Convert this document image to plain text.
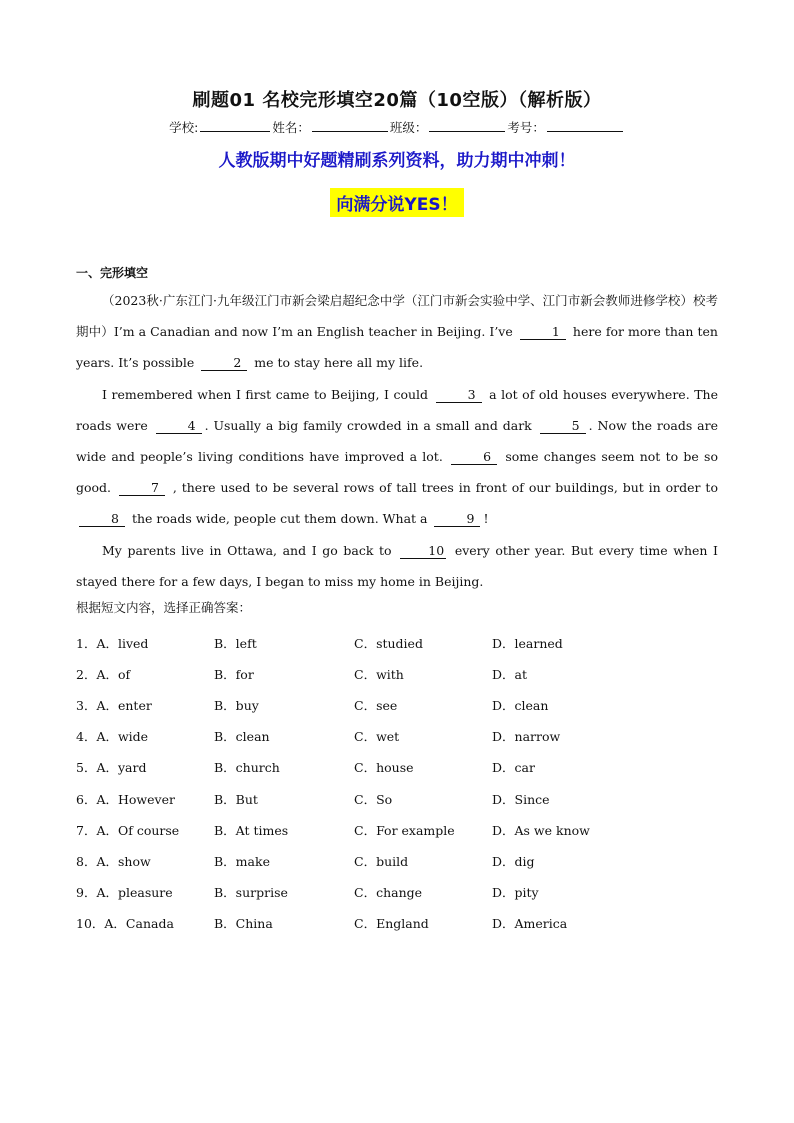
刷题01 名校完形填空20篇（10空版）（解析版）
学校:	姓名：	班级：	考号：
人教版期中好题精刷系列资料，助力期中冲刺！
向满分说YES！
一、完形填空

（2023秋·广东江门·九年级江门市新会梁启超纪念中学（江门市新会实验中学、江门市新会教师进修学校）校考期中）I’m a Canadian and now I’m an English teacher in Beijing. I’ve	1 here for more than ten years. It’s possible	2 me to stay here all my life.

I remembered when I first came to Beijing, I could	3 a lot of old houses everywhere. The roads were	4 . Usually a big family crowded in a small and dark	5 . Now the roads are wide and people’s living conditions have improved a lot.	6 some changes seem not to be so good.	7 , there used to be several rows of tall trees in front of our buildings, but in order to 8 the roads wide, people cut them down. What a	9 !

My parents live in Ottawa, and I go back to 10 every other year. But every time when I stayed there for a few days, I began to miss my home in Beijing.

根据短文内容，选择正确答案：
1．A．lived	B．left	C．studied	D．learned
2．A．of	B．for	C．with	D．at
3．A．enter	B．buy	C．see	D．clean
4．A．wide	B．clean	C．wet	D．narrow
5．A．yard	B．church	C．house	D．car
6．A．However	B．But	C．So	D．Since
7．A．Of course	B．At times	C．For example	D．As we know
8．A．show	B．make	C．build	D．dig
9．A．pleasure	B．surprise	C．change	D．pity
10．A．Canada	B．China	C．England	D．America
